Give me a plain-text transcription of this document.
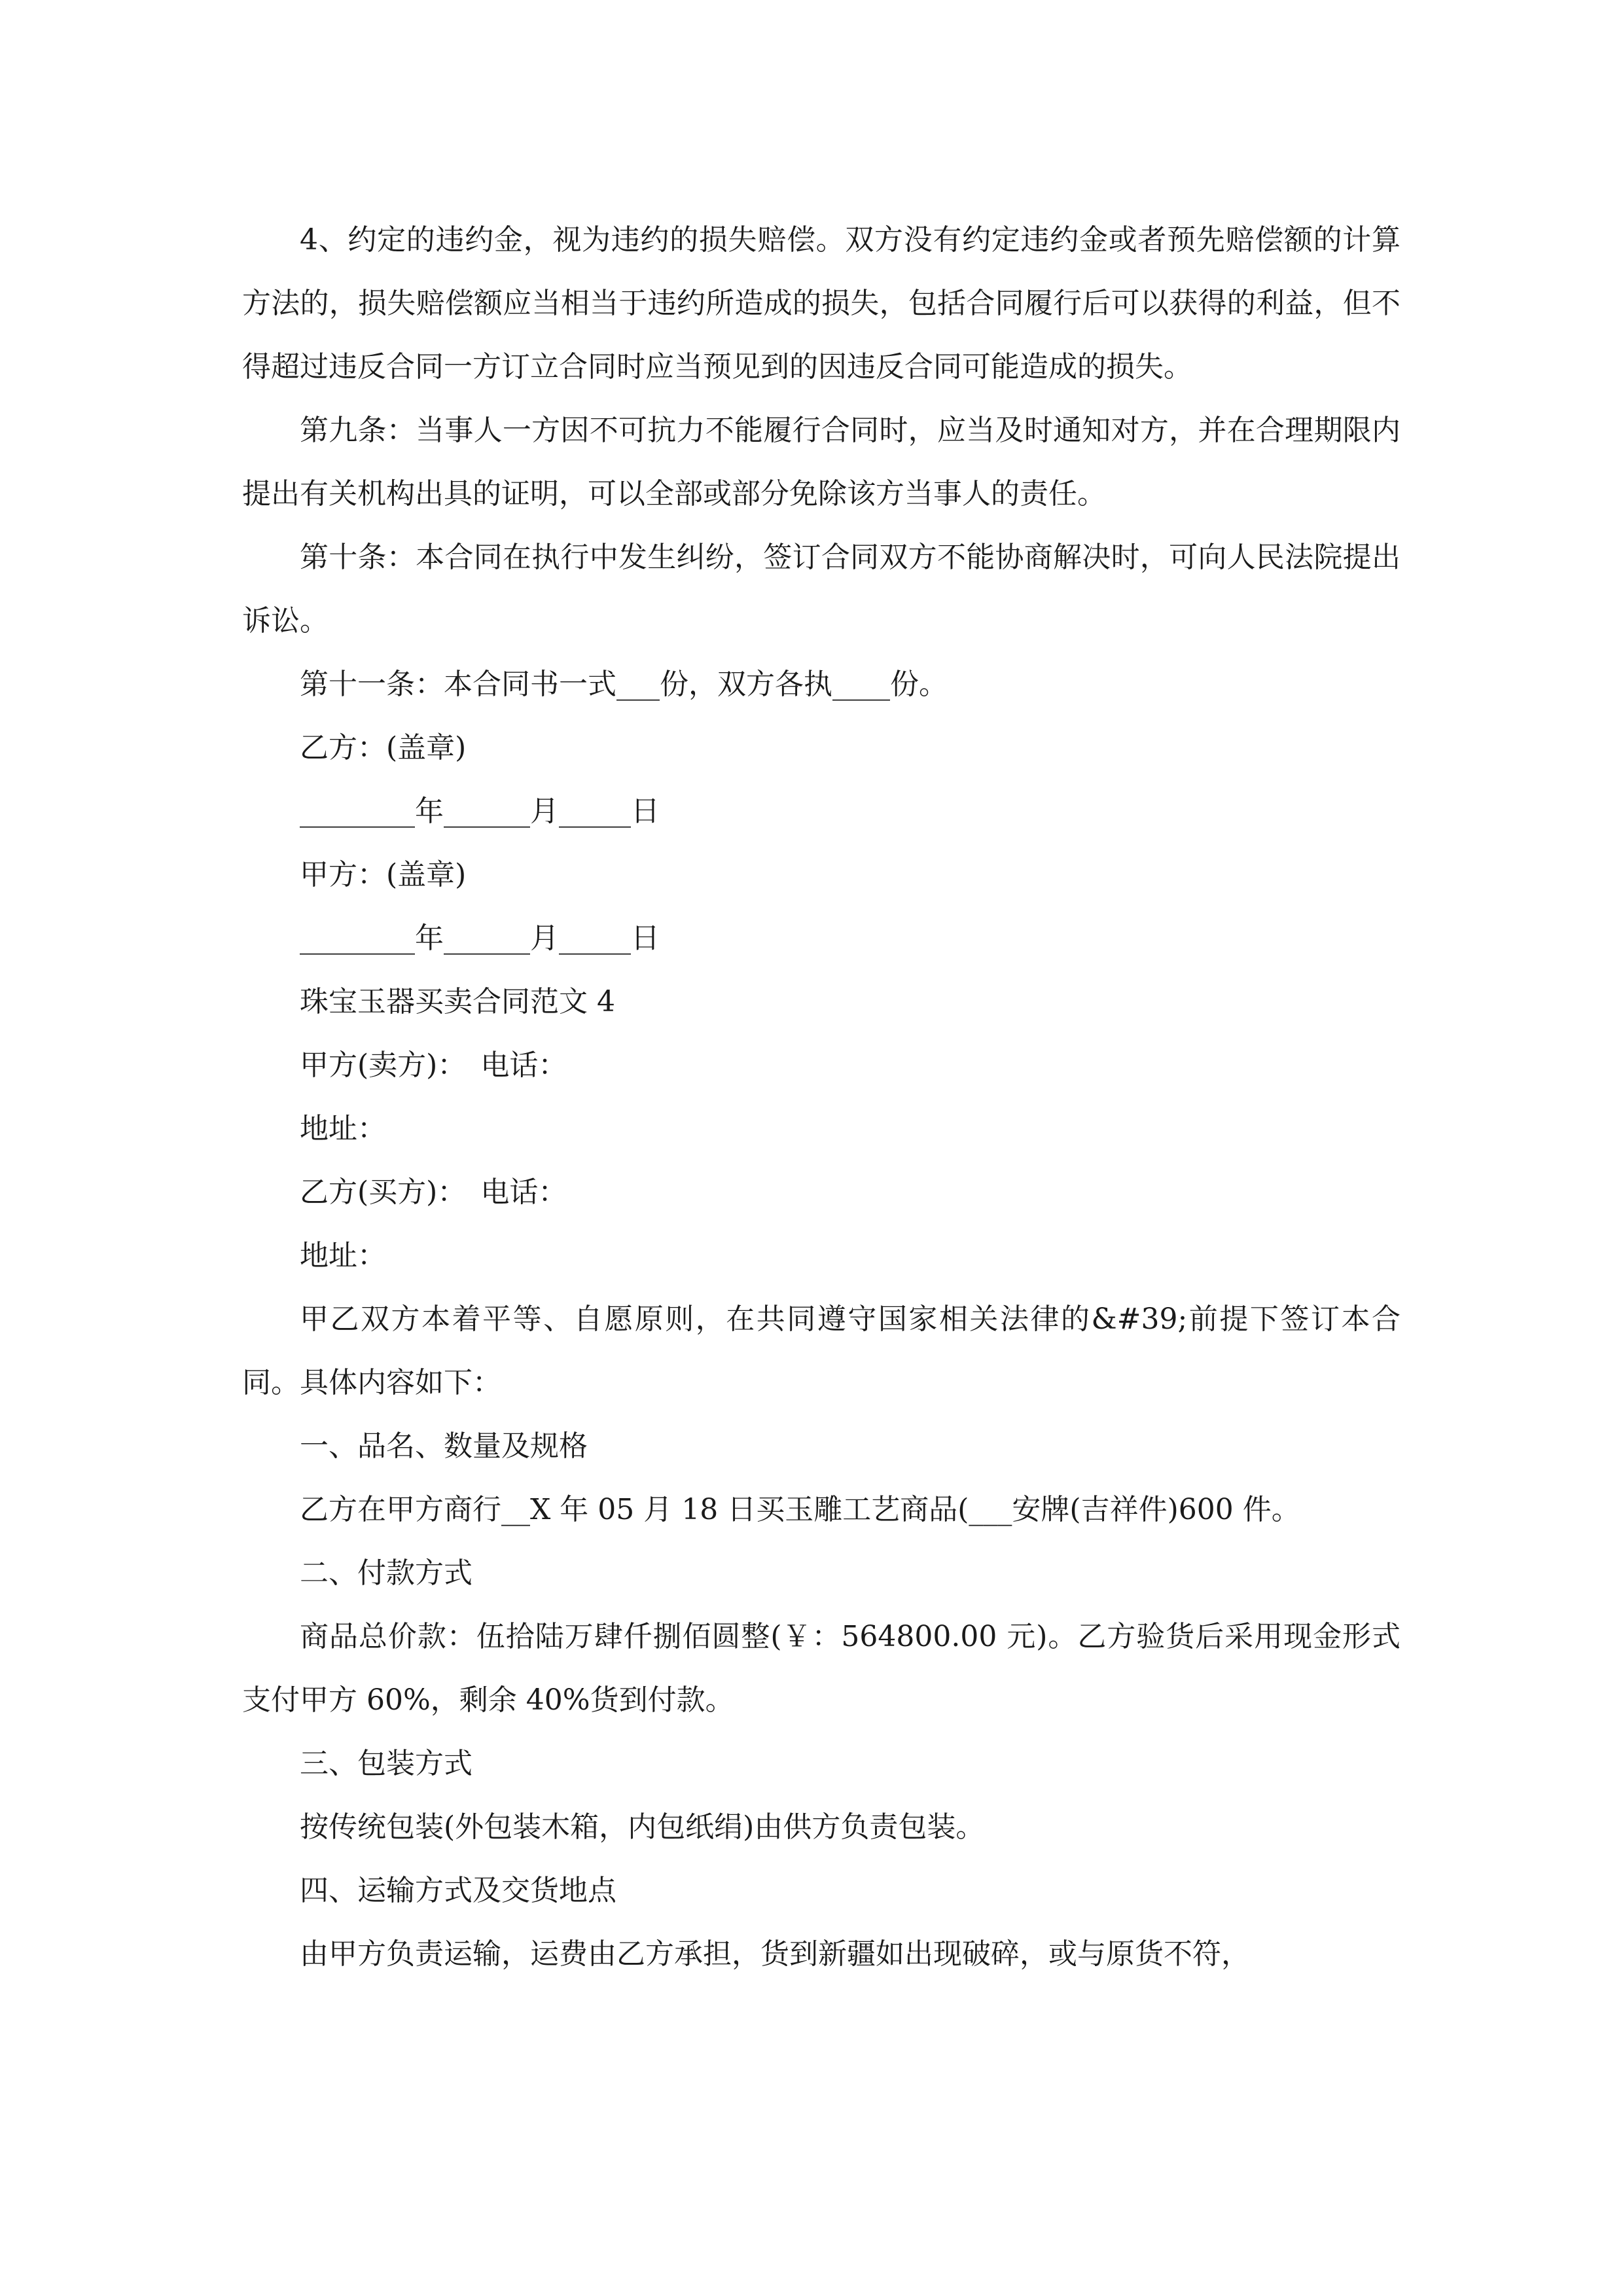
4、约定的违约金，视为违约的损失赔偿。双方没有约定违约金或者预先赔偿额的计算方法的，损失赔偿额应当相当于违约所造成的损失，包括合同履行后可以获得的利益，但不得超过违反合同一方订立合同时应当预见到的因违反合同可能造成的损失。

第九条：当事人一方因不可抗力不能履行合同时，应当及时通知对方，并在合理期限内提出有关机构出具的证明，可以全部或部分免除该方当事人的责任。

第十条：本合同在执行中发生纠纷，签订合同双方不能协商解决时，可向人民法院提出诉讼。

第十一条：本合同书一式___份，双方各执____份。

乙方：(盖章)

________年______月_____日

甲方：(盖章)

________年______月_____日

珠宝玉器买卖合同范文 4

甲方(卖方)：　电话：

地址：

乙方(买方)：　电话：

地址：

甲乙双方本着平等、自愿原则，在共同遵守国家相关法律的&#39;前提下签订本合同。具体内容如下：

一、品名、数量及规格

乙方在甲方商行__X 年 05 月 18 日买玉雕工艺商品(___安牌(吉祥件)600 件。

二、付款方式

商品总价款：伍拾陆万肆仟捌佰圆整(￥：564800.00 元)。乙方验货后采用现金形式支付甲方 60%，剩余 40%货到付款。

三、包装方式

按传统包装(外包装木箱，内包纸绢)由供方负责包装。

四、运输方式及交货地点

由甲方负责运输，运费由乙方承担，货到新疆如出现破碎，或与原货不符，
